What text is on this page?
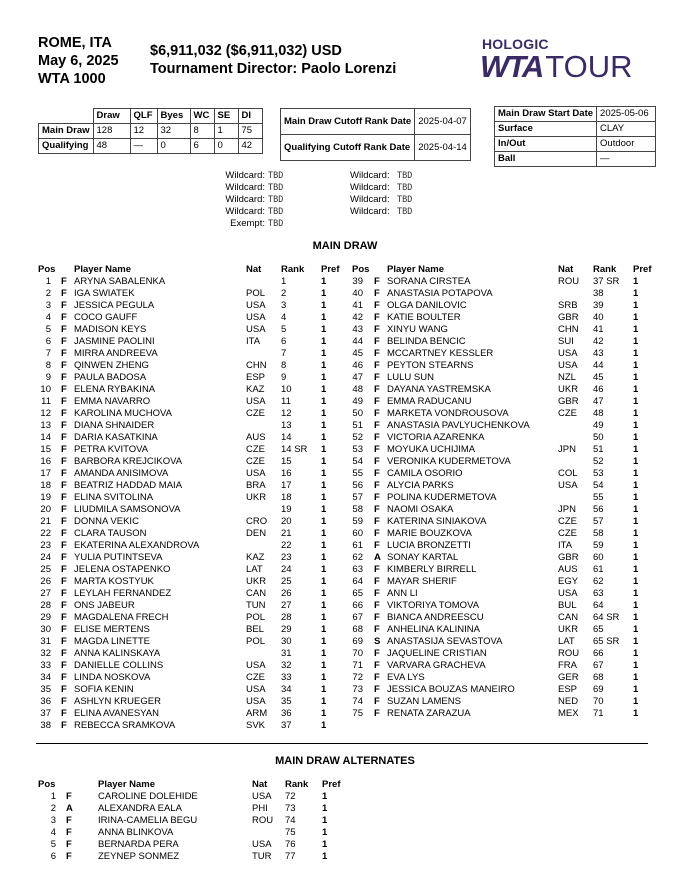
ROME, ITA
May 6, 2025
WTA 1000
$6,911,032 ($6,911,032) USD
Tournament Director: Paolo Lorenzi
HOLOGIC
WTATOUR
	Draw	QLF	Byes	WC	SE	DI
Main Draw	128	12	32	8	1	75
Qualifying	48	—	0	6	0	42
Main Draw Cutoff Rank Date	2025-04-07
Qualifying Cutoff Rank Date	2025-04-14
Main Draw Start Date	2025-05-06
Surface	CLAY
In/Out	Outdoor
Ball	—
Wildcard: TBD
Wildcard: TBD
Wildcard: TBD
Wildcard: TBD
Exempt: TBD
Wildcard: TBD
Wildcard: TBD
Wildcard: TBD
Wildcard: TBD
MAIN DRAW
Pos Player Name	Nat Rank Pref
1 F ARYNA SABALENKA	1	1
2 F IGA SWIATEK	POL 2	1
3 F JESSICA PEGULA	USA 3	1
4 F COCO GAUFF	USA 4	1
5 F MADISON KEYS	USA 5	1
6 F JASMINE PAOLINI	ITA 6	1
7 F MIRRA ANDREEVA	7	1
8 F QINWEN ZHENG	CHN 8	1
9 F PAULA BADOSA	ESP 9	1
10 F ELENA RYBAKINA	KAZ 10	1
11 F EMMA NAVARRO	USA 11	1
12 F KAROLINA MUCHOVA	CZE 12	1
13 F DIANA SHNAIDER	13	1
14 F DARIA KASATKINA	AUS 14	1
15 F PETRA KVITOVA	CZE 14 SR 1
16 F BARBORA KREJCIKOVA	CZE 15	1
17 F AMANDA ANISIMOVA	USA 16	1
18 F BEATRIZ HADDAD MAIA	BRA 17	1
19 F ELINA SVITOLINA	UKR 18	1
20 F LIUDMILA SAMSONOVA	19	1
21 F DONNA VEKIC	CRO 20	1
22 F CLARA TAUSON	DEN 21	1
23 F EKATERINA ALEXANDROVA	22	1
24 F YULIA PUTINTSEVA	KAZ 23	1
25 F JELENA OSTAPENKO	LAT 24	1
26 F MARTA KOSTYUK	UKR 25	1
27 F LEYLAH FERNANDEZ	CAN 26	1
28 F ONS JABEUR	TUN 27	1
29 F MAGDALENA FRECH	POL 28	1
30 F ELISE MERTENS	BEL 29	1
31 F MAGDA LINETTE	POL 30	1
32 F ANNA KALINSKAYA	31	1
33 F DANIELLE COLLINS	USA 32	1
34 F LINDA NOSKOVA	CZE 33	1
35 F SOFIA KENIN	USA 34	1
36 F ASHLYN KRUEGER	USA 35	1
37 F ELINA AVANESYAN	ARM 36	1
38 F REBECCA SRAMKOVA	SVK 37	1
Pos Player Name	Nat Rank Pref
39 F SORANA CIRSTEA	ROU 37 SR 1
40 F ANASTASIA POTAPOVA	38	1
41 F OLGA DANILOVIC	SRB 39	1
42 F KATIE BOULTER	GBR 40	1
43 F XINYU WANG	CHN 41	1
44 F BELINDA BENCIC	SUI 42	1
45 F MCCARTNEY KESSLER	USA 43	1
46 F PEYTON STEARNS	USA 44	1
47 F LULU SUN	NZL 45	1
48 F DAYANA YASTREMSKA	UKR 46	1
49 F EMMA RADUCANU	GBR 47	1
50 F MARKETA VONDROUSOVA	CZE 48	1
51 F ANASTASIA PAVLYUCHENKOVA	49	1
52 F VICTORIA AZARENKA	50	1
53 F MOYUKA UCHIJIMA	JPN 51	1
54 F VERONIKA KUDERMETOVA	52	1
55 F CAMILA OSORIO	COL 53	1
56 F ALYCIA PARKS	USA 54	1
57 F POLINA KUDERMETOVA	55	1
58 F NAOMI OSAKA	JPN 56	1
59 F KATERINA SINIAKOVA	CZE 57	1
60 F MARIE BOUZKOVA	CZE 58	1
61 F LUCIA BRONZETTI	ITA 59	1
62 A SONAY KARTAL	GBR 60	1
63 F KIMBERLY BIRRELL	AUS 61	1
64 F MAYAR SHERIF	EGY 62	1
65 F ANN LI	USA 63	1
66 F VIKTORIYA TOMOVA	BUL 64	1
67 F BIANCA ANDREESCU	CAN 64 SR 1
68 F ANHELINA KALININA	UKR 65	1
69 S ANASTASIJA SEVASTOVA	LAT 65 SR 1
70 F JAQUELINE CRISTIAN	ROU 66	1
71 F VARVARA GRACHEVA	FRA 67	1
72 F EVA LYS	GER 68	1
73 F JESSICA BOUZAS MANEIRO	ESP 69	1
74 F SUZAN LAMENS	NED 70	1
75 F RENATA ZARAZUA	MEX 71	1
MAIN DRAW ALTERNATES
Pos	Player Name	Nat Rank Pref
1 F	CAROLINE DOLEHIDE	USA 72	1
2 A	ALEXANDRA EALA	PHI 73	1
3 F	IRINA-CAMELIA BEGU	ROU 74	1
4 F	ANNA BLINKOVA	75	1
5 F	BERNARDA PERA	USA 76	1
6 F	ZEYNEP SONMEZ	TUR 77	1
